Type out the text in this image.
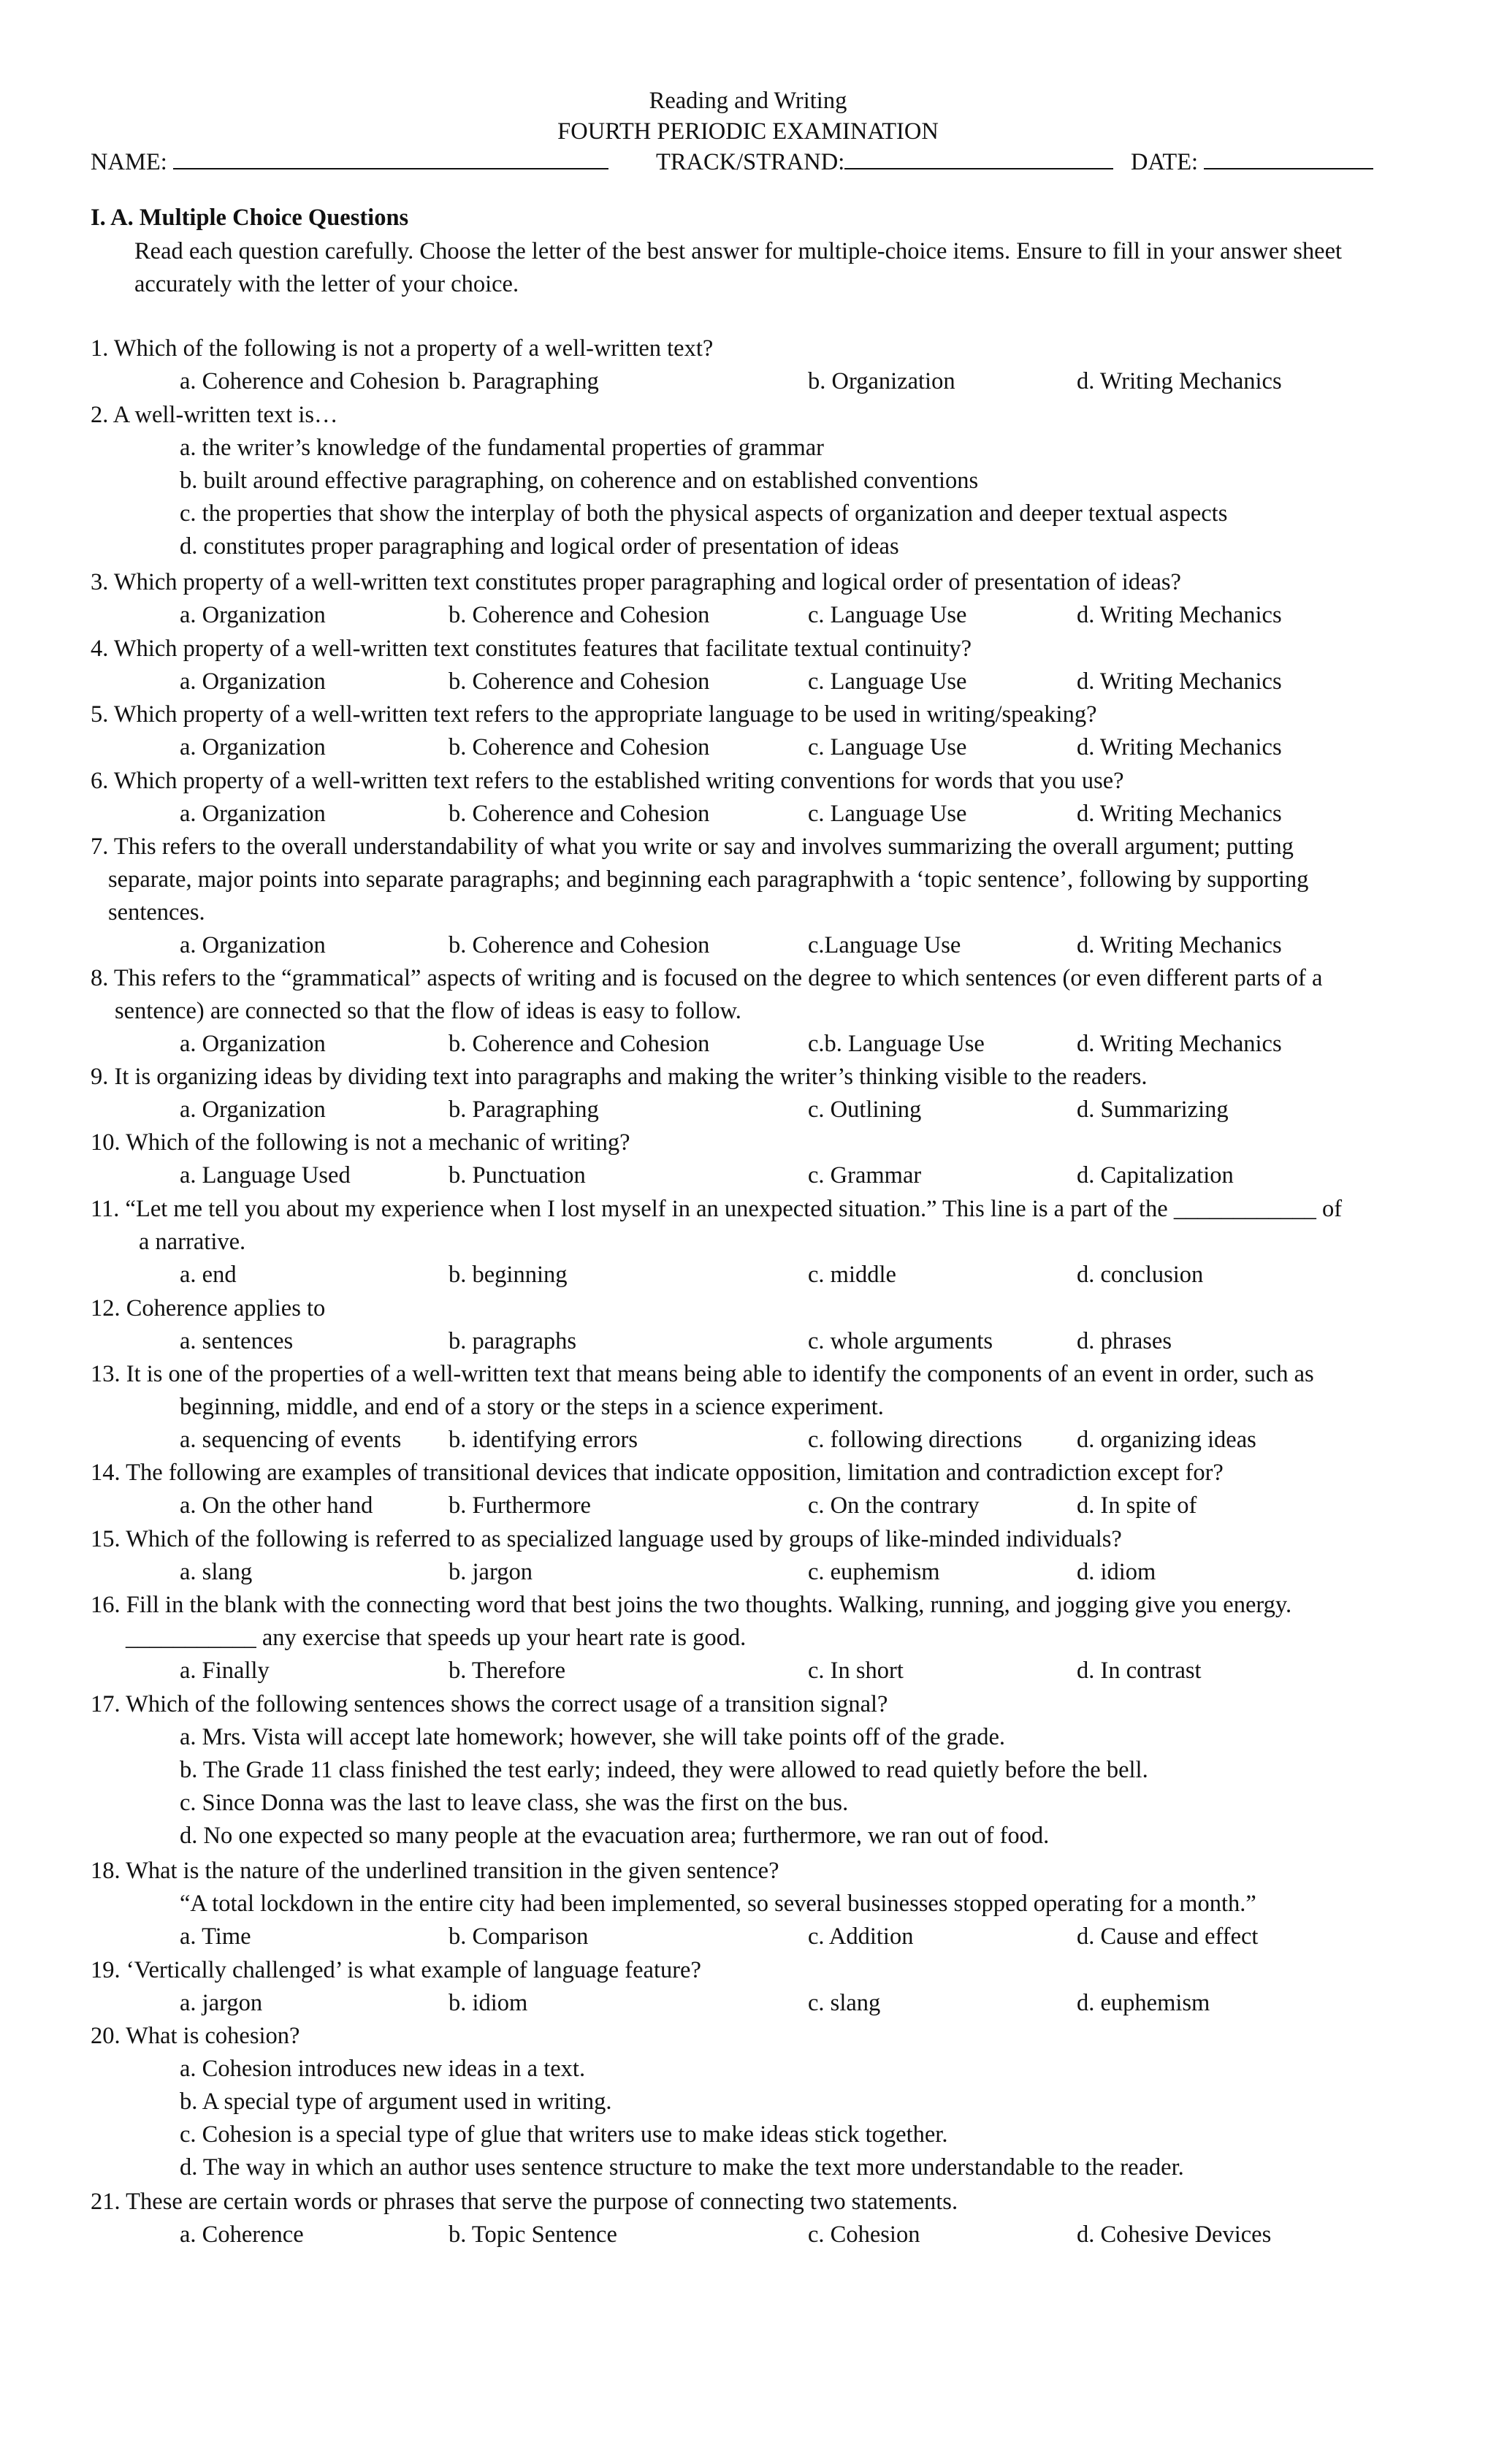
Reading and Writing
FOURTH PERIODIC EXAMINATION
NAME:	TRACK/STRAND:	DATE:
I. A. Multiple Choice Questions
Read each question carefully. Choose the letter of the best answer for multiple-choice items. Ensure to fill in your answer sheet
accurately with the letter of your choice.
1. Which of the following is not a property of a well-written text?
a. Coherence and Cohesion b. Paragraphing	b. Organization	d. Writing Mechanics
2. A well-written text is…
a. the writer’s knowledge of the fundamental properties of grammar
b. built around effective paragraphing, on coherence and on established conventions
c. the properties that show the interplay of both the physical aspects of organization and deeper textual aspects
d. constitutes proper paragraphing and logical order of presentation of ideas
3. Which property of a well-written text constitutes proper paragraphing and logical order of presentation of ideas?
a. Organization	b. Coherence and Cohesion	c. Language Use	d. Writing Mechanics
4. Which property of a well-written text constitutes features that facilitate textual continuity?
a. Organization	b. Coherence and Cohesion	c. Language Use	d. Writing Mechanics
5. Which property of a well-written text refers to the appropriate language to be used in writing/speaking?
a. Organization	b. Coherence and Cohesion	c. Language Use	d. Writing Mechanics
6. Which property of a well-written text refers to the established writing conventions for words that you use?
a. Organization	b. Coherence and Cohesion	c. Language Use	d. Writing Mechanics
7. This refers to the overall understandability of what you write or say and involves summarizing the overall argument; putting
separate, major points into separate paragraphs; and beginning each paragraphwith a ‘topic sentence’, following by supporting
sentences.
a. Organization	b. Coherence and Cohesion	c.Language Use	d. Writing Mechanics
8. This refers to the “grammatical” aspects of writing and is focused on the degree to which sentences (or even different parts of a
sentence) are connected so that the flow of ideas is easy to follow.
a. Organization	b. Coherence and Cohesion	c.b. Language Use	d. Writing Mechanics
9. It is organizing ideas by dividing text into paragraphs and making the writer’s thinking visible to the readers.
a. Organization	b. Paragraphing	c. Outlining	d. Summarizing
10. Which of the following is not a mechanic of writing?
a. Language Used	b. Punctuation	c. Grammar	d. Capitalization
11. “Let me tell you about my experience when I lost myself in an unexpected situation.” This line is a part of the ____________ of
a narrative.
a. end	b. beginning	c. middle	d. conclusion
12. Coherence applies to
a. sentences	b. paragraphs	c. whole arguments	d. phrases
13. It is one of the properties of a well-written text that means being able to identify the components of an event in order, such as
beginning, middle, and end of a story or the steps in a science experiment.
a. sequencing of events b. identifying errors	c. following directions d. organizing ideas
14. The following are examples of transitional devices that indicate opposition, limitation and contradiction except for?
a. On the other hand	b. Furthermore	c. On the contrary	d. In spite of
15. Which of the following is referred to as specialized language used by groups of like-minded individuals?
a. slang	b. jargon	c. euphemism	d. idiom
16. Fill in the blank with the connecting word that best joins the two thoughts. Walking, running, and jogging give you energy.
___________ any exercise that speeds up your heart rate is good.
a. Finally	b. Therefore	c. In short	d. In contrast
17. Which of the following sentences shows the correct usage of a transition signal?
a. Mrs. Vista will accept late homework; however, she will take points off of the grade.
b. The Grade 11 class finished the test early; indeed, they were allowed to read quietly before the bell.
c. Since Donna was the last to leave class, she was the first on the bus.
d. No one expected so many people at the evacuation area; furthermore, we ran out of food.
18. What is the nature of the underlined transition in the given sentence?
“A total lockdown in the entire city had been implemented, so several businesses stopped operating for a month.”
a. Time	b. Comparison	c. Addition	d. Cause and effect
19. ‘Vertically challenged’ is what example of language feature?
a. jargon	b. idiom	c. slang	d. euphemism
20. What is cohesion?
a. Cohesion introduces new ideas in a text.
b. A special type of argument used in writing.
c. Cohesion is a special type of glue that writers use to make ideas stick together.
d. The way in which an author uses sentence structure to make the text more understandable to the reader.
21. These are certain words or phrases that serve the purpose of connecting two statements.
a. Coherence	b. Topic Sentence	c. Cohesion	d. Cohesive Devices
